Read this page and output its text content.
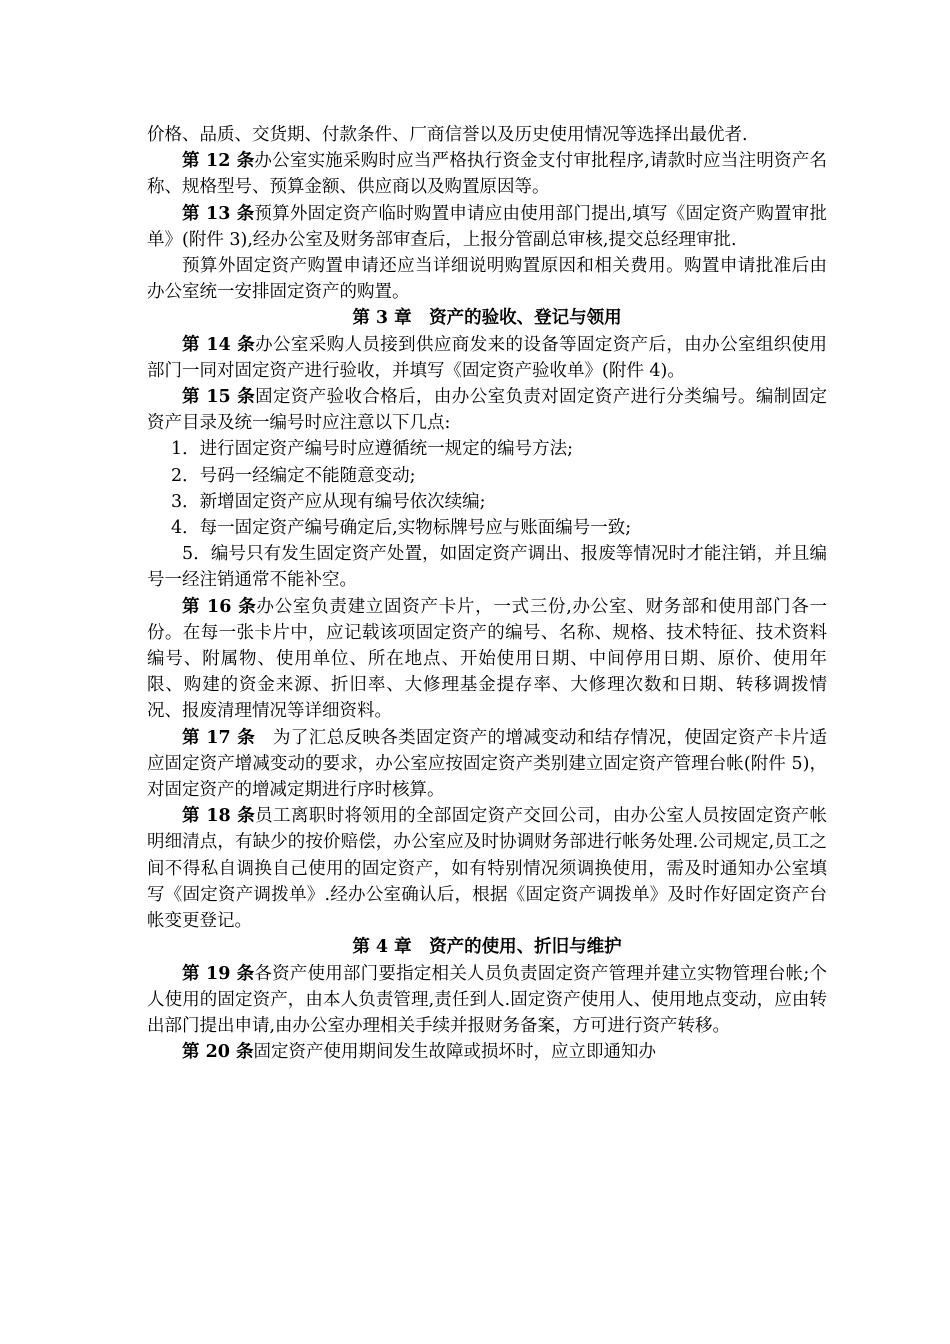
价格、品质、交货期、付款条件、厂商信誉以及历史使用情况等选择出最优者.

第 12 条办公室实施采购时应当严格执行资金支付审批程序,请款时应当注明资产名称、规格型号、预算金额、供应商以及购置原因等。

第 13 条预算外固定资产临时购置申请应由使用部门提出,填写《固定资产购置审批单》(附件 3),经办公室及财务部审查后，上报分管副总审核,提交总经理审批.

预算外固定资产购置申请还应当详细说明购置原因和相关费用。购置申请批准后由办公室统一安排固定资产的购置。

第 3 章　资产的验收、登记与领用

第 14 条办公室采购人员接到供应商发来的设备等固定资产后，由办公室组织使用部门一同对固定资产进行验收，并填写《固定资产验收单》(附件 4)。

第 15 条固定资产验收合格后，由办公室负责对固定资产进行分类编号。编制固定资产目录及统一编号时应注意以下几点:

1．进行固定资产编号时应遵循统一规定的编号方法;

2．号码一经编定不能随意变动;

3．新增固定资产应从现有编号依次续编;

4．每一固定资产编号确定后,实物标牌号应与账面编号一致;

5．编号只有发生固定资产处置，如固定资产调出、报废等情况时才能注销，并且编号一经注销通常不能补空。

第 16 条办公室负责建立固资产卡片，一式三份,办公室、财务部和使用部门各一份。在每一张卡片中，应记载该项固定资产的编号、名称、规格、技术特征、技术资料编号、附属物、使用单位、所在地点、开始使用日期、中间停用日期、原价、使用年限、购建的资金来源、折旧率、大修理基金提存率、大修理次数和日期、转移调拨情况、报废清理情况等详细资料。

第 17 条　为了汇总反映各类固定资产的增减变动和结存情况，使固定资产卡片适应固定资产增减变动的要求，办公室应按固定资产类别建立固定资产管理台帐(附件 5)，对固定资产的增减定期进行序时核算。

第 18 条员工离职时将领用的全部固定资产交回公司，由办公室人员按固定资产帐明细清点，有缺少的按价赔偿，办公室应及时协调财务部进行帐务处理.公司规定,员工之间不得私自调换自己使用的固定资产，如有特别情况须调换使用，需及时通知办公室填写《固定资产调拨单》.经办公室确认后，根据《固定资产调拨单》及时作好固定资产台帐变更登记。

第 4 章　资产的使用、折旧与维护

第 19 条各资产使用部门要指定相关人员负责固定资产管理并建立实物管理台帐;个人使用的固定资产，由本人负责管理,责任到人.固定资产使用人、使用地点变动，应由转出部门提出申请,由办公室办理相关手续并报财务备案，方可进行资产转移。

第 20 条固定资产使用期间发生故障或损坏时，应立即通知办
